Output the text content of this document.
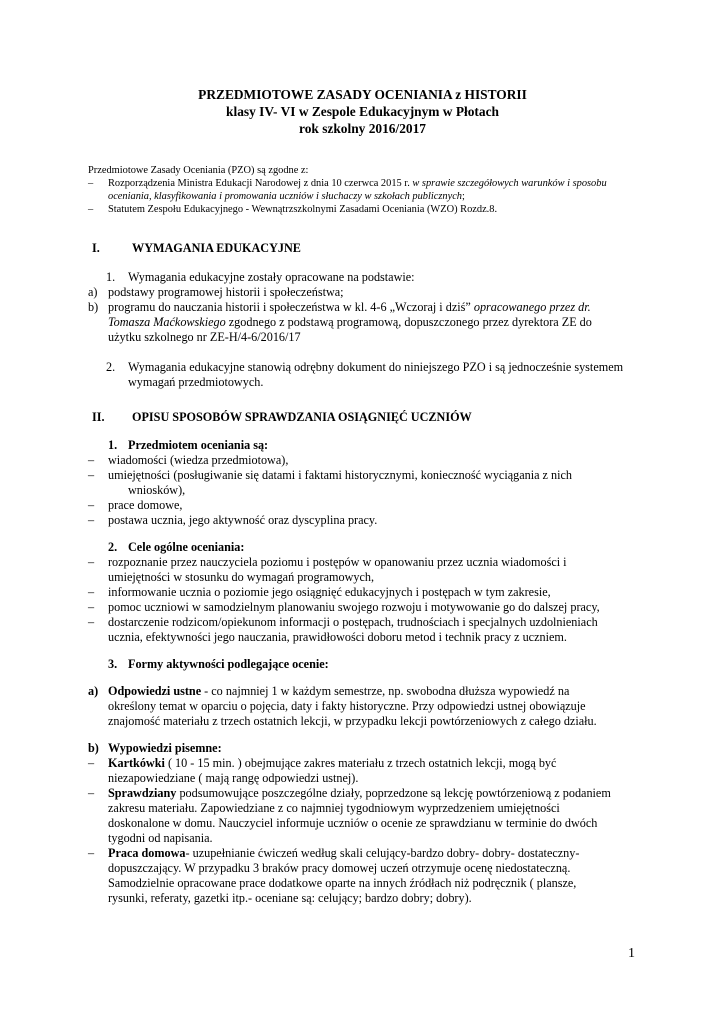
PRZEDMIOTOWE ZASADY OCENIANIA z HISTORII
klasy IV- VI w Zespole Edukacyjnym w Płotach
rok szkolny 2016/2017
Przedmiotowe Zasady Oceniania (PZO) są zgodne z:
–	Rozporządzenia Ministra Edukacji Narodowej z dnia 10 czerwca 2015 r. w sprawie szczegółowych warunków i sposobu
oceniania, klasyfikowania i promowania uczniów i słuchaczy w szkołach publicznych;
–	Statutem Zespołu Edukacyjnego - Wewnątrzszkolnymi Zasadami Oceniania (WZO) Rozdz.8.
I.	WYMAGANIA EDUKACYJNE
1. Wymagania edukacyjne zostały opracowane na podstawie:
a) podstawy programowej historii i społeczeństwa;
b) programu do nauczania historii i społeczeństwa w kl. 4-6 „Wczoraj i dziś” opracowanego przez dr.
Tomasza Maćkowskiego zgodnego z podstawą programową, dopuszczonego przez dyrektora ZE do
użytku szkolnego nr ZE-H/4-6/2016/17
2. Wymagania edukacyjne stanowią odrębny dokument do niniejszego PZO i są jednocześnie systemem
wymagań przedmiotowych.
II. OPISU SPOSOBÓW SPRAWDZANIA OSIĄGNIĘĆ UCZNIÓW
1. Przedmiotem oceniania są:
– wiadomości (wiedza przedmiotowa),
– umiejętności (posługiwanie się datami i faktami historycznymi, konieczność wyciągania z nich
wniosków),
– prace domowe,
– postawa ucznia, jego aktywność oraz dyscyplina pracy.
2. Cele ogólne oceniania:
– rozpoznanie przez nauczyciela poziomu i postępów w opanowaniu przez ucznia wiadomości i
umiejętności w stosunku do wymagań programowych,
– informowanie ucznia o poziomie jego osiągnięć edukacyjnych i postępach w tym zakresie,
– pomoc uczniowi w samodzielnym planowaniu swojego rozwoju i motywowanie go do dalszej pracy,
– dostarczenie rodzicom/opiekunom informacji o postępach, trudnościach i specjalnych uzdolnieniach
ucznia, efektywności jego nauczania, prawidłowości doboru metod i technik pracy z uczniem.
3. Formy aktywności podlegające ocenie:
a) Odpowiedzi ustne - co najmniej 1 w każdym semestrze, np. swobodna dłuższa wypowiedź na
określony temat w oparciu o pojęcia, daty i fakty historyczne. Przy odpowiedzi ustnej obowiązuje
znajomość materiału z trzech ostatnich lekcji, w przypadku lekcji powtórzeniowych z całego działu.
b) Wypowiedzi pisemne:
– Kartkówki ( 10 - 15 min. ) obejmujące zakres materiału z trzech ostatnich lekcji, mogą być
niezapowiedziane ( mają rangę odpowiedzi ustnej).
– Sprawdziany podsumowujące poszczególne działy, poprzedzone są lekcję powtórzeniową z podaniem
zakresu materiału. Zapowiedziane z co najmniej tygodniowym wyprzedzeniem umiejętności
doskonalone w domu. Nauczyciel informuje uczniów o ocenie ze sprawdzianu w terminie do dwóch
tygodni od napisania.
– Praca domowa- uzupełnianie ćwiczeń według skali celujący-bardzo dobry- dobry- dostateczny-
dopuszczający. W przypadku 3 braków pracy domowej uczeń otrzymuje ocenę niedostateczną.
Samodzielnie opracowane prace dodatkowe oparte na innych źródłach niż podręcznik ( plansze,
rysunki, referaty, gazetki itp.- oceniane są: celujący; bardzo dobry; dobry).
1
